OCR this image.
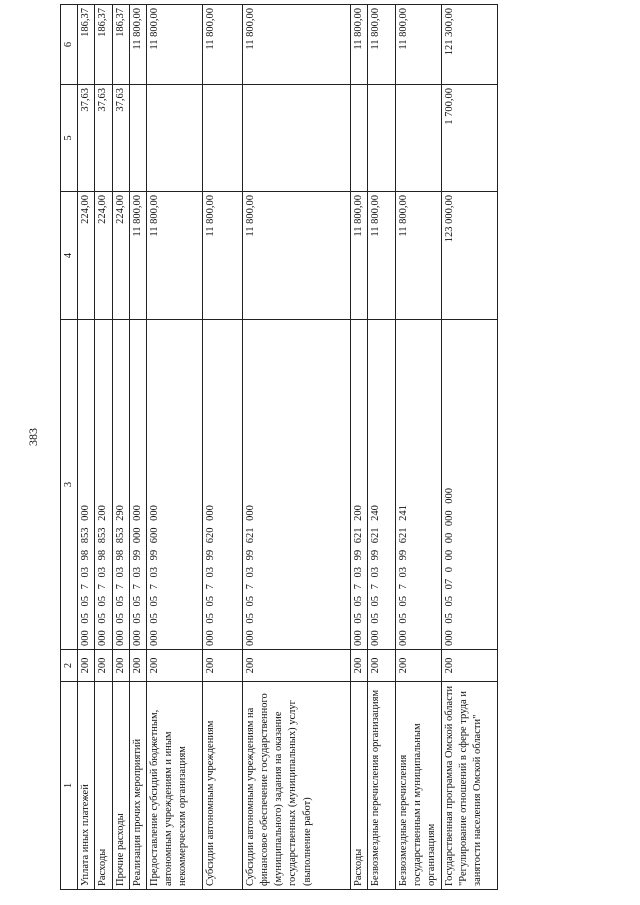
383
1	2	3	4	5	6
Уплата иных платежей	200	000 05 05 7 03 98 853 000	224,00	37,63	186,37
Расходы	200	000 05 05 7 03 98 853 200	224,00	37,63	186,37
Прочие расходы	200	000 05 05 7 03 98 853 290	224,00	37,63	186,37
Реализация прочих мероприятий	200	000 05 05 7 03 99 000 000	11 800,00		11 800,00
Предоставление субсидий бюджетным, автономным учреждениям и иным некоммерческим организациям	200	000 05 05 7 03 99 600 000	11 800,00		11 800,00
Субсидии автономным учреждениям	200	000 05 05 7 03 99 620 000	11 800,00		11 800,00
Субсидии автономным учреждениям на финансовое обеспечение государственного (муниципального) задания на оказание государственных (муниципальных) услуг (выполнение работ)	200	000 05 05 7 03 99 621 000	11 800,00		11 800,00
Расходы	200	000 05 05 7 03 99 621 200	11 800,00		11 800,00
Безвозмездные перечисления организациям	200	000 05 05 7 03 99 621 240	11 800,00		11 800,00
Безвозмездные перечисления государственным и муниципальным организациям	200	000 05 05 7 03 99 621 241	11 800,00		11 800,00
Государственная программа Омской области "Регулирование отношений в сфере труда и занятости населения Омской области"	200	000 05 05 07 0 00 00 000 000	123 000,00	1 700,00	121 300,00
